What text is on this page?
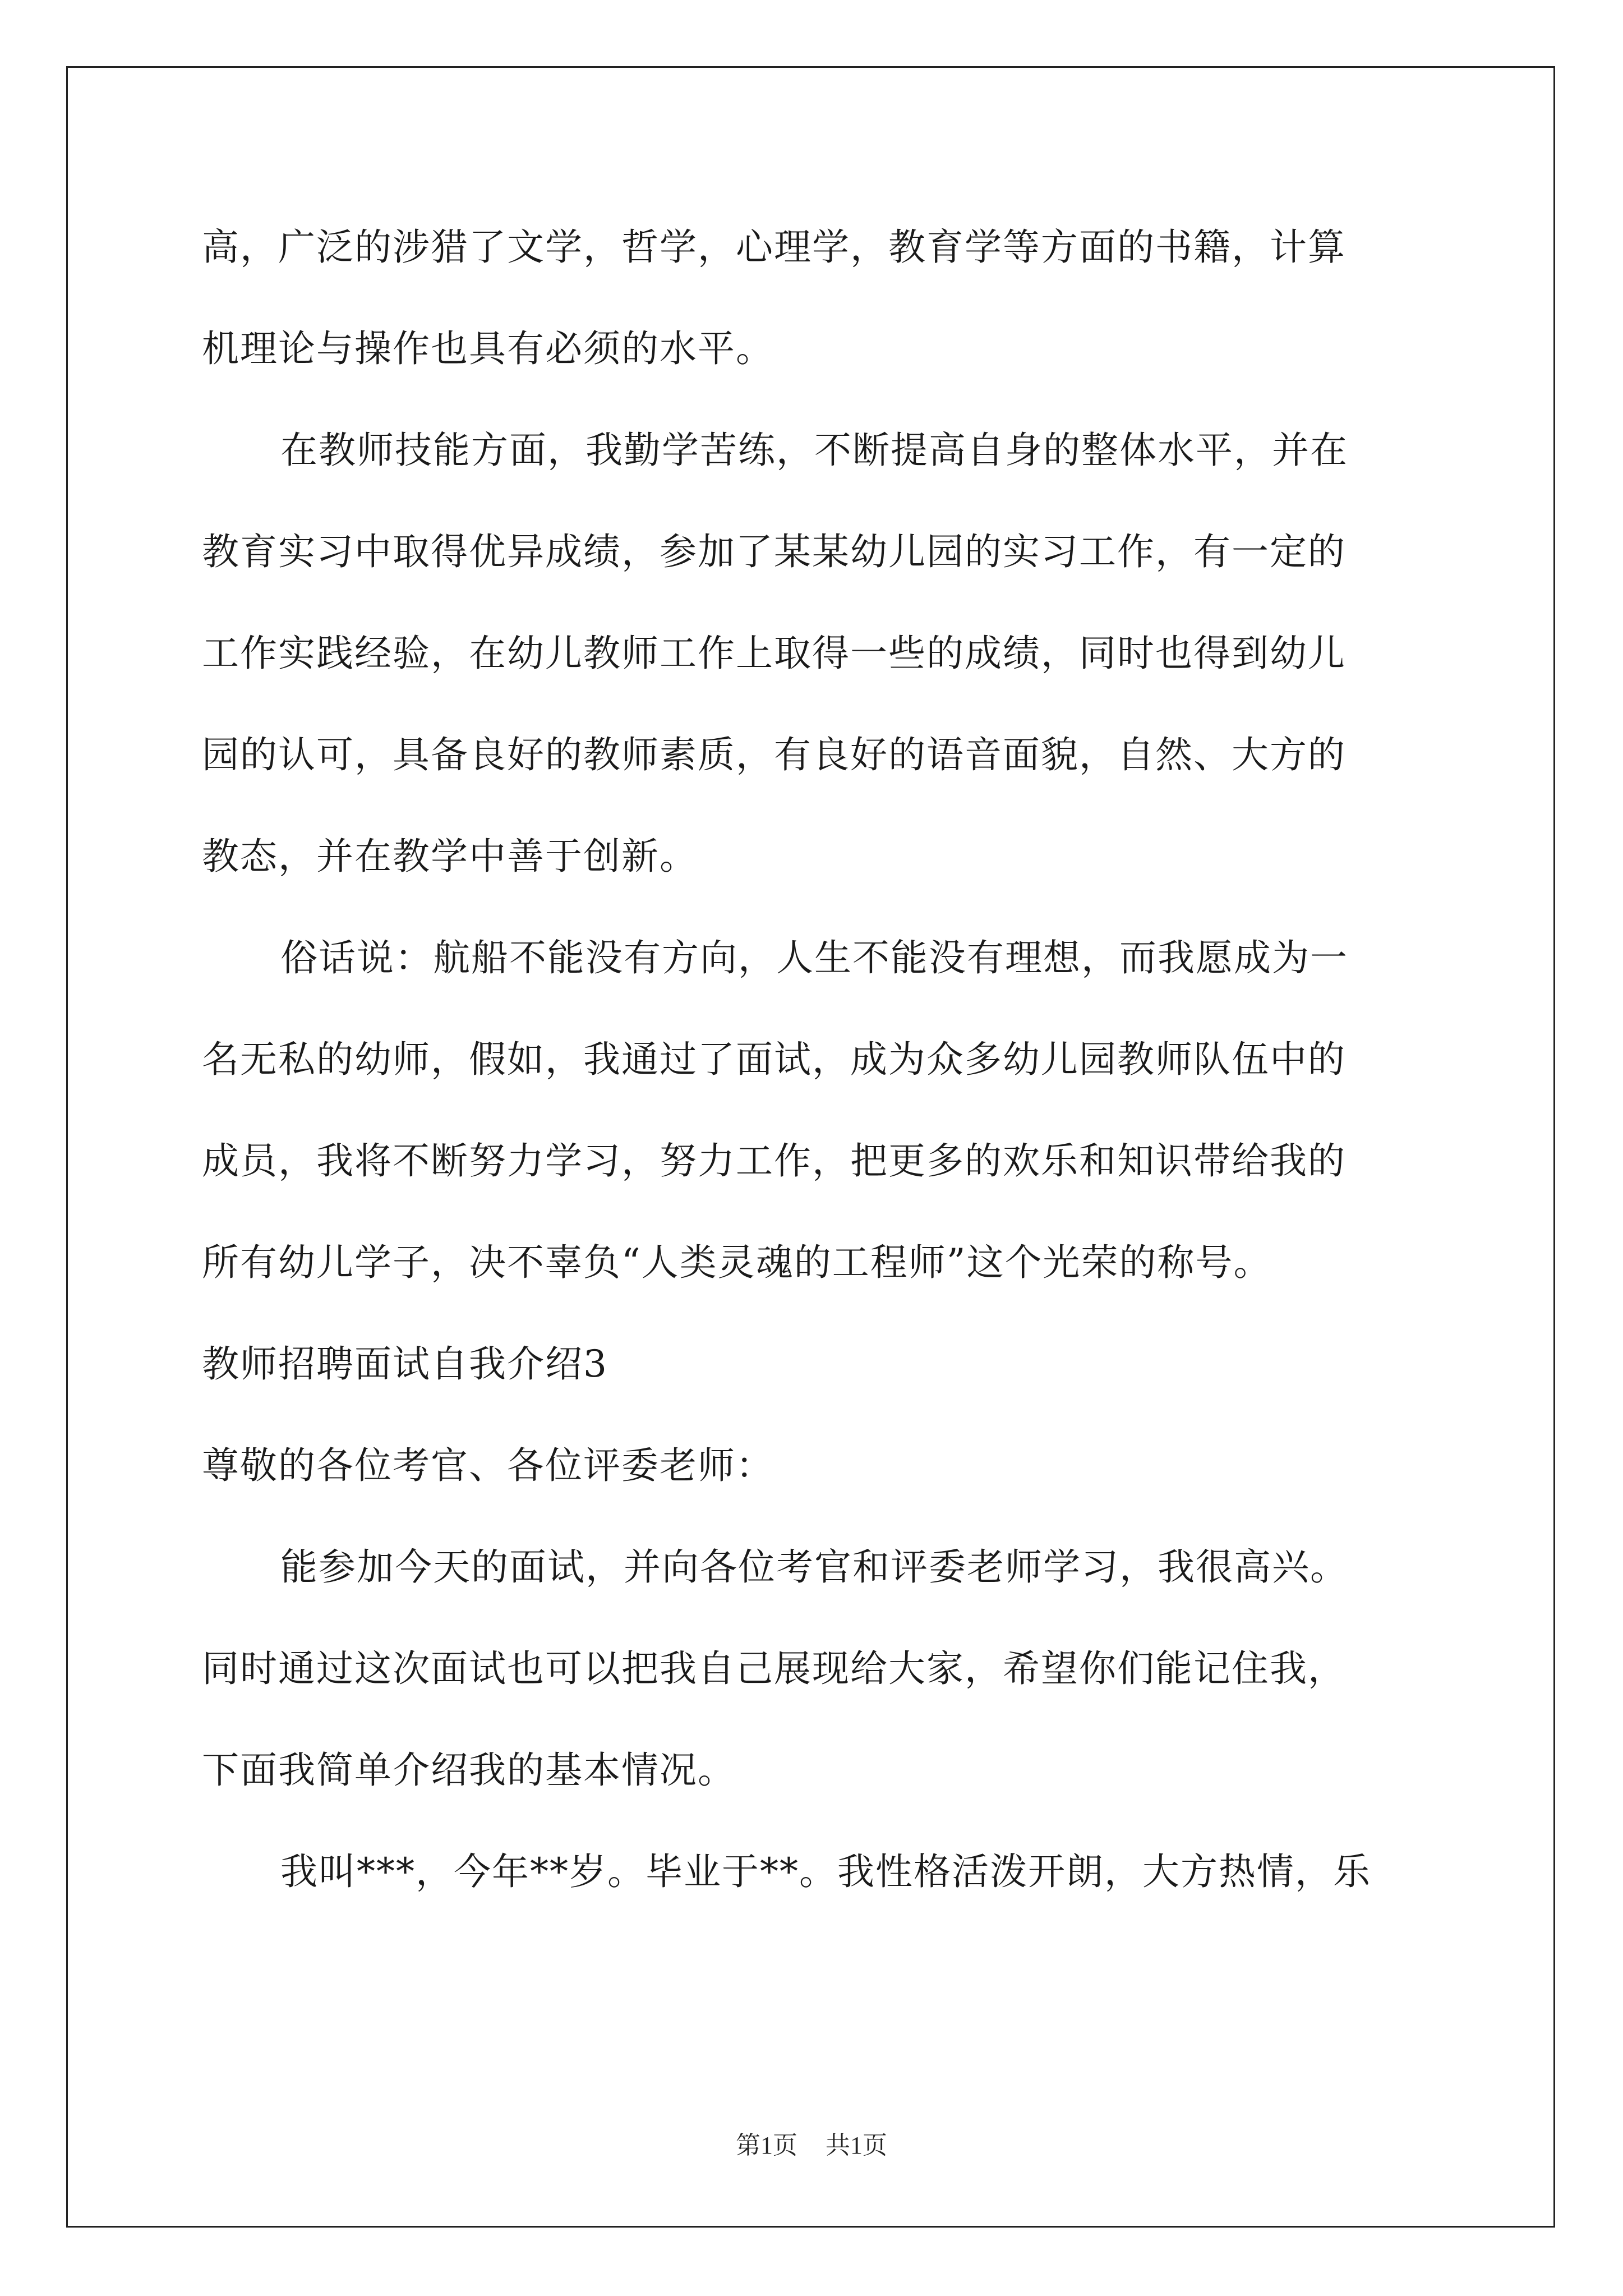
高，广泛的涉猎了文学，哲学，心理学，教育学等方面的书籍，计算
机理论与操作也具有必须的水平。
在教师技能方面，我勤学苦练，不断提高自身的整体水平，并在
教育实习中取得优异成绩，参加了某某幼儿园的实习工作，有一定的
工作实践经验，在幼儿教师工作上取得一些的成绩，同时也得到幼儿
园的认可，具备良好的教师素质，有良好的语音面貌，自然、大方的
教态，并在教学中善于创新。
俗话说：航船不能没有方向，人生不能没有理想，而我愿成为一
名无私的幼师，假如，我通过了面试，成为众多幼儿园教师队伍中的
成员，我将不断努力学习，努力工作，把更多的欢乐和知识带给我的
所有幼儿学子，决不辜负“人类灵魂的工程师”这个光荣的称号。
教师招聘面试自我介绍3
尊敬的各位考官、各位评委老师：
能参加今天的面试，并向各位考官和评委老师学习，我很高兴。
同时通过这次面试也可以把我自己展现给大家，希望你们能记住我，
下面我简单介绍我的基本情况。
我叫***，今年**岁。毕业于**。我性格活泼开朗，大方热情，乐
第1页 共1页
